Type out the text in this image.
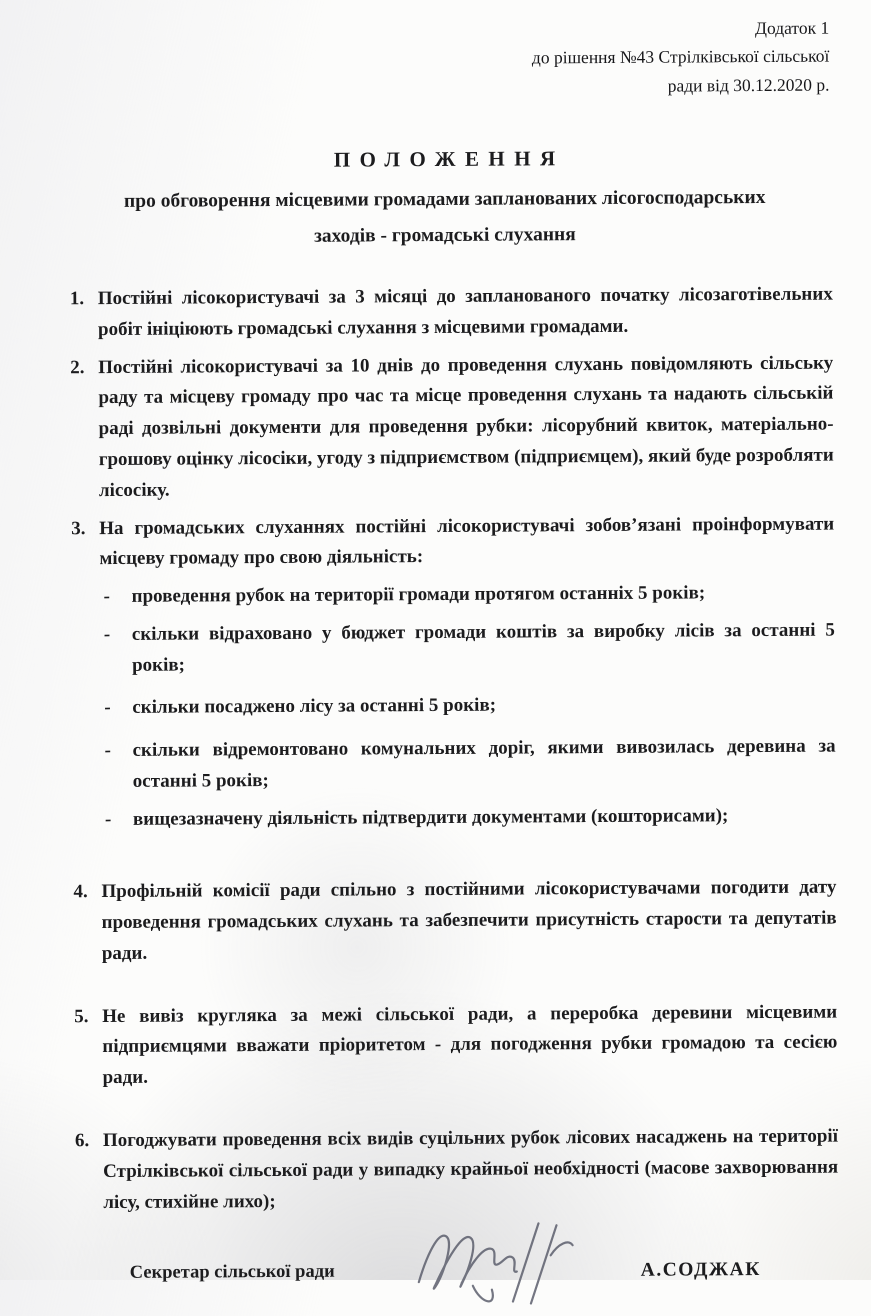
Додаток 1
до рішення №43 Стрілківської сільської
ради від 30.12.2020 р.
ПОЛОЖЕННЯ
про обговорення місцевими громадами запланованих лісогосподарських
заходів - громадські слухання
1. Постійні лісокористувачі за 3 місяці до запланованого початку лісозаготівельних робіт ініціюють громадські слухання з місцевими громадами.
2. Постійні лісокористувачі за 10 днів до проведення слухань повідомляють сільську раду та місцеву громаду про час та місце проведення слухань та надають сільській раді дозвільні документи для проведення рубки: лісорубний квиток, матеріально-грошову оцінку лісосіки, угоду з підприємством (підприємцем), який буде розробляти лісосіку.
3. На громадських слуханнях постійні лісокористувачі зобов’язані проінформувати місцеву громаду про свою діяльність:
-	проведення рубок на території громади протягом останніх 5 років;
-	скільки відраховано у бюджет громади коштів за виробку лісів за останні 5 років;
-	скільки посаджено лісу за останні 5 років;
-	скільки відремонтовано комунальних доріг, якими вивозилась деревина за останні 5 років;
-	вищезазначену діяльність підтвердити документами (кошторисами);
4. Профільній комісії ради спільно з постійними лісокористувачами погодити дату проведення громадських слухань та забезпечити присутність старости та депутатів ради.
5. Не вивіз кругляка за межі сільської ради, а переробка деревини місцевими підприємцями вважати пріоритетом - для погодження рубки громадою та сесією ради.
6. Погоджувати проведення всіх видів суцільних рубок лісових насаджень на території Стрілківської сільської ради у випадку крайньої необхідності (масове захворювання лісу, стихійне лихо);
Секретар сільської ради	А.СОДЖАК
